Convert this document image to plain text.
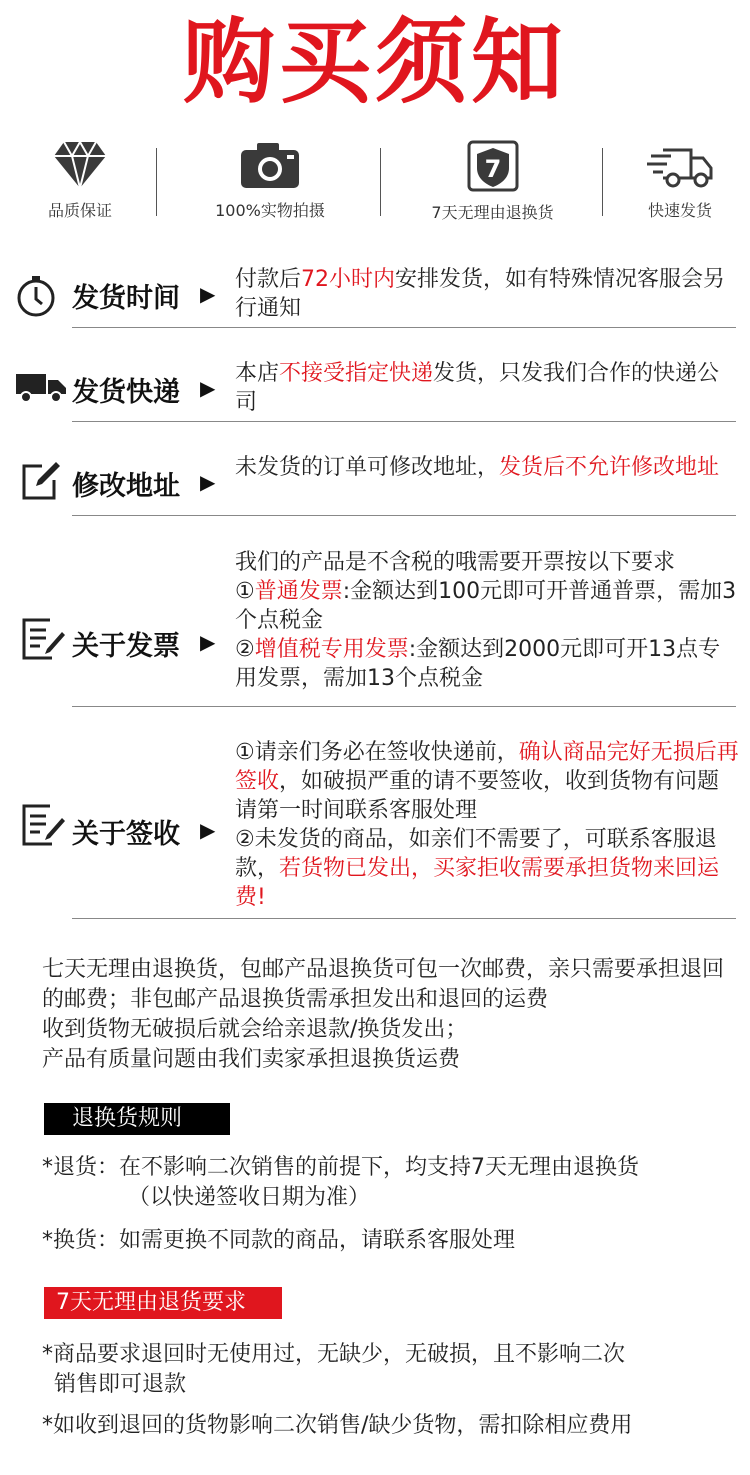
购买须知
品质保证	100%实物拍摄
7
7天无理由退换货	快速发货
发货时间 ▶

付款后72小时内安排发货，如有特殊情况客服会另行通知

发货快递 ▶

本店不接受指定快递发货，只发我们合作的快递公司

修改地址 ▶

未发货的订单可修改地址，发货后不允许修改地址

关于发票 ▶

我们的产品是不含税的哦需要开票按以下要求

①普通发票:金额达到100元即可开普通普票，需加3个点税金

②增值税专用发票:金额达到2000元即可开13点专用发票，需加13个点税金

关于签收 ▶

①请亲们务必在签收快递前，确认商品完好无损后再签收，如破损严重的请不要签收，收到货物有问题请第一时间联系客服处理

②未发货的商品，如亲们不需要了，可联系客服退款，若货物已发出，买家拒收需要承担货物来回运费!

七天无理由退换货，包邮产品退换货可包一次邮费，亲只需要承担退回的邮费；非包邮产品退换货需承担发出和退回的运费

收到货物无破损后就会给亲退款/换货发出；

产品有质量问题由我们卖家承担退换货运费

退换货规则

*退货：在不影响二次销售的前提下，均支持7天无理由退换货

（以快递签收日期为准）

*换货：如需更换不同款的商品，请联系客服处理

7天无理由退货要求

*商品要求退回时无使用过，无缺少，无破损，且不影响二次

销售即可退款

*如收到退回的货物影响二次销售/缺少货物，需扣除相应费用
